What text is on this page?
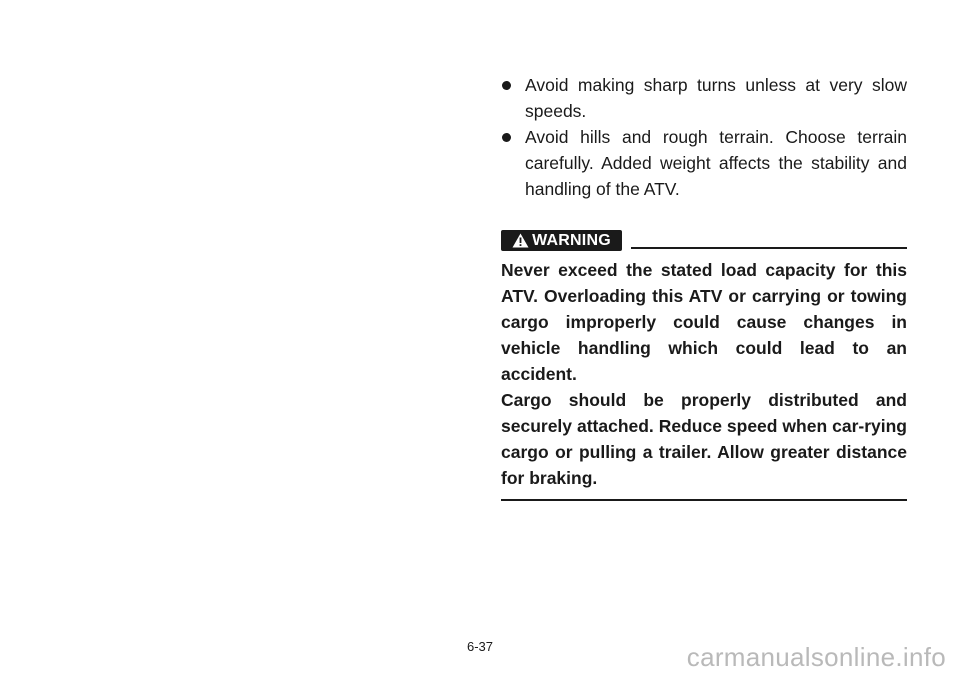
Avoid making sharp turns unless at very slow speeds.
Avoid hills and rough terrain. Choose terrain carefully. Added weight affects the stability and handling of the ATV.
WARNING

Never exceed the stated load capacity for this ATV. Overloading this ATV or carrying or towing cargo improperly could cause changes in vehicle handling which could lead to an accident.

Cargo should be properly distributed and securely attached. Reduce speed when car-rying cargo or pulling a trailer. Allow greater distance for braking.

6-37	carmanualsonline.info
